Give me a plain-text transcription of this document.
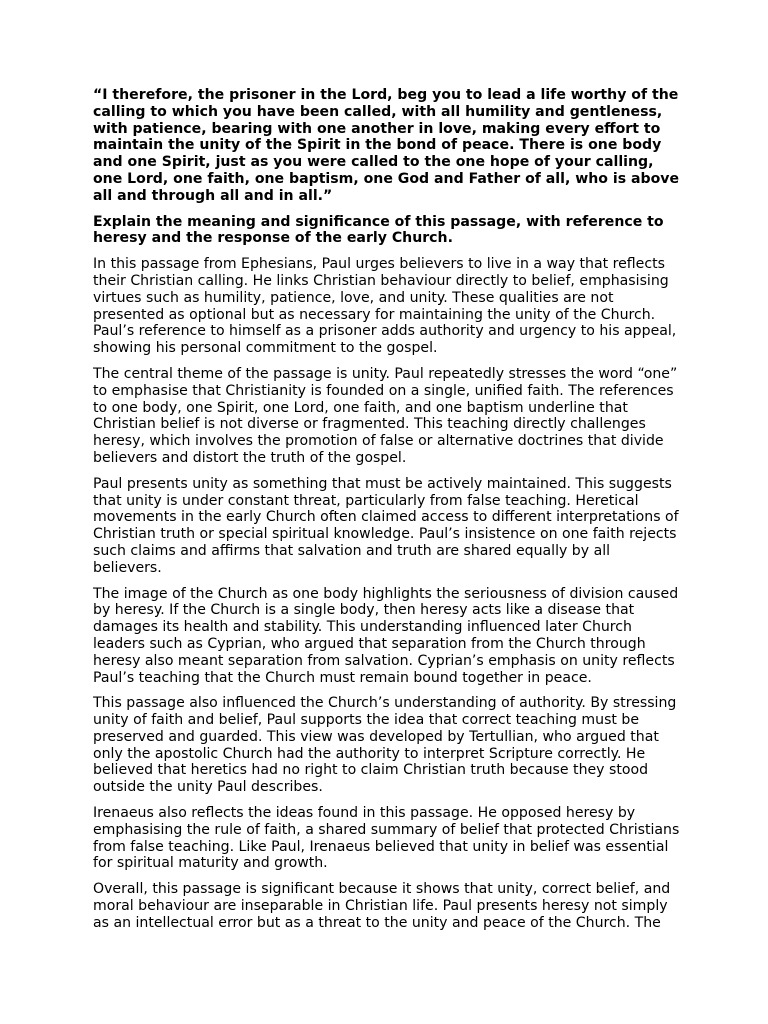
“I therefore, the prisoner in the Lord, beg you to lead a life worthy of the calling to which you have been called, with all humility and gentleness, with patience, bearing with one another in love, making every effort to maintain the unity of the Spirit in the bond of peace. There is one body and one Spirit, just as you were called to the one hope of your calling, one Lord, one faith, one baptism, one God and Father of all, who is above all and through all and in all.”

Explain the meaning and significance of this passage, with reference to heresy and the response of the early Church.

In this passage from Ephesians, Paul urges believers to live in a way that reflects their Christian calling. He links Christian behaviour directly to belief, emphasising virtues such as humility, patience, love, and unity. These qualities are not presented as optional but as necessary for maintaining the unity of the Church. Paul’s reference to himself as a prisoner adds authority and urgency to his appeal, showing his personal commitment to the gospel.

The central theme of the passage is unity. Paul repeatedly stresses the word “one” to emphasise that Christianity is founded on a single, unified faith. The references to one body, one Spirit, one Lord, one faith, and one baptism underline that Christian belief is not diverse or fragmented. This teaching directly challenges heresy, which involves the promotion of false or alternative doctrines that divide believers and distort the truth of the gospel.

Paul presents unity as something that must be actively maintained. This suggests that unity is under constant threat, particularly from false teaching. Heretical movements in the early Church often claimed access to different interpretations of Christian truth or special spiritual knowledge. Paul’s insistence on one faith rejects such claims and affirms that salvation and truth are shared equally by all believers.

The image of the Church as one body highlights the seriousness of division caused by heresy. If the Church is a single body, then heresy acts like a disease that damages its health and stability. This understanding influenced later Church leaders such as Cyprian, who argued that separation from the Church through heresy also meant separation from salvation. Cyprian’s emphasis on unity reflects Paul’s teaching that the Church must remain bound together in peace.

This passage also influenced the Church’s understanding of authority. By stressing unity of faith and belief, Paul supports the idea that correct teaching must be preserved and guarded. This view was developed by Tertullian, who argued that only the apostolic Church had the authority to interpret Scripture correctly. He believed that heretics had no right to claim Christian truth because they stood outside the unity Paul describes.

Irenaeus also reflects the ideas found in this passage. He opposed heresy by emphasising the rule of faith, a shared summary of belief that protected Christians from false teaching. Like Paul, Irenaeus believed that unity in belief was essential for spiritual maturity and growth.

Overall, this passage is significant because it shows that unity, correct belief, and moral behaviour are inseparable in Christian life. Paul presents heresy not simply as an intellectual error but as a threat to the unity and peace of the Church. The
